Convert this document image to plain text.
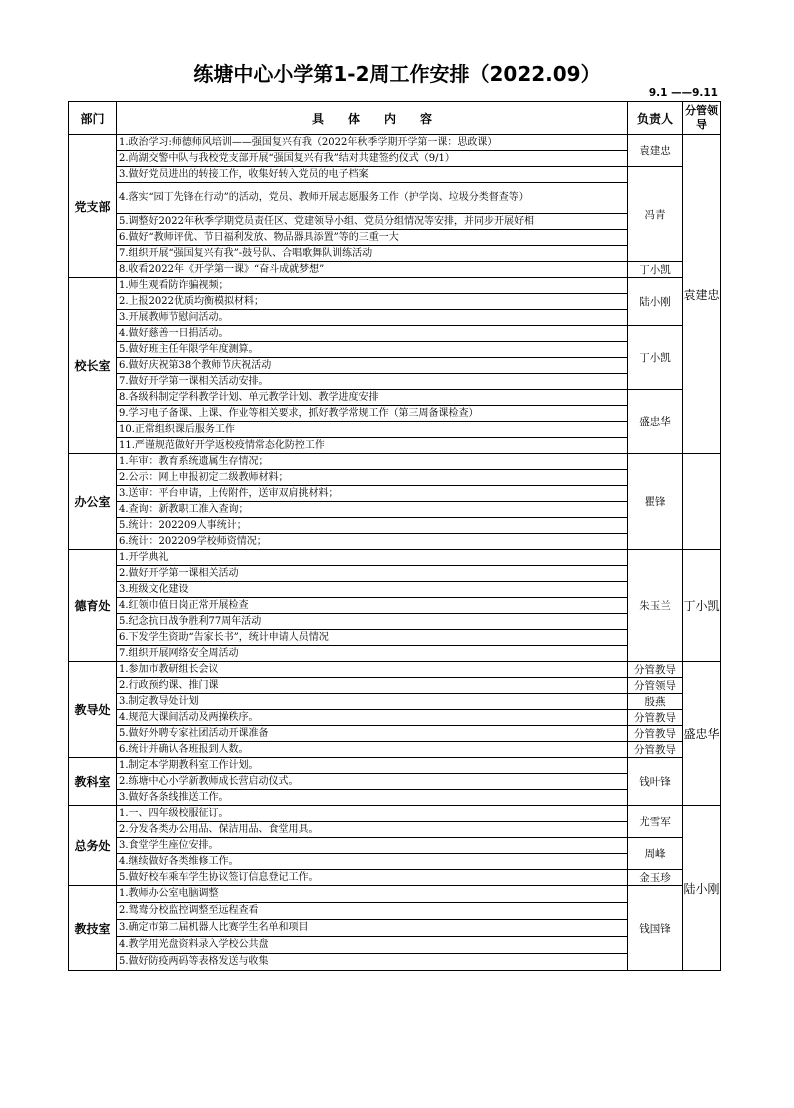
练塘中心小学第1-2周工作安排（2022.09）
9.1 ——9.11
部门	具　　体　　内　　容	负责人	分管领导
党支部	1.政治学习:师德师风培训——强国复兴有我（2022年秋季学期开学第一课：思政课）	袁建忠	袁建忠
	2.尚湖交警中队与我校党支部开展“强国复兴有我”结对共建签约仪式（9/1）		
	3.做好党员进出的转接工作，收集好转入党员的电子档案	冯青	
	4.落实“园丁先锋在行动”的活动，党员、教师开展志愿服务工作（护学岗、垃圾分类督查等）		
	5.调整好2022年秋季学期党员责任区、党建领导小组、党员分组情况等安排，并同步开展好相		
	6.做好“教师评优、节日福利发放、物品器具添置”等的三重一大		
	7.组织开展“强国复兴有我”-鼓号队、合唱歌舞队训练活动		
	8.收看2022年《开学第一课》“奋斗成就梦想”	丁小凯	
校长室	1.师生观看防诈骗视频；	陆小刚	
	2.上报2022优质均衡模拟材料；		
	3.开展教师节慰问活动。		
	4.做好慈善一日捐活动。	丁小凯	
	5.做好班主任年限学年度测算。		
	6.做好庆祝第38个教师节庆祝活动		
	7.做好开学第一课相关活动安排。		
	8.各级科制定学科教学计划、单元教学计划、教学进度安排	盛忠华	
	9.学习电子备课、上课、作业等相关要求，抓好教学常规工作（第三周备课检查）		
	10.正常组织课后服务工作		
	11.严谨规范做好开学返校疫情常态化防控工作		
办公室	1.年审：教育系统遗属生存情况；	瞿锋	
	2.公示：网上申报初定二级教师材料；		
	3.送审：平台申请，上传附件，送审双肩挑材料；		
	4.查询：新教职工准入查询；		
	5.统计：202209人事统计；		
	6.统计：202209学校师资情况；		
德育处	1.开学典礼	朱玉兰	丁小凯
	2.做好开学第一课相关活动		
	3.班级文化建设		
	4.红领巾值日岗正常开展检查		
	5.纪念抗日战争胜利77周年活动		
	6.下发学生资助“告家长书”，统计申请人员情况		
	7.组织开展网络安全周活动		
教导处	1.参加市教研组长会议	分管教导	盛忠华
	2.行政预约课、推门课	分管领导	
	3.制定教导处计划	殷燕	
	4.规范大课间活动及两操秩序。	分管教导	
	5.做好外聘专家社团活动开课准备	分管教导	
	6.统计并确认各班报到人数。	分管教导	
教科室	1.制定本学期教科室工作计划。	钱叶锋	
	2.练塘中心小学新教师成长营启动仪式。		
	3.做好各条线推送工作。		
总务处	1.一、四年级校服征订。	尤雪军	陆小刚
	2.分发各类办公用品、保洁用品、食堂用具。		
	3.食堂学生座位安排。	周峰	
	4.继续做好各类维修工作。		
	5.做好校车乘车学生协议签订信息登记工作。	金玉珍	
教技室	1.教师办公室电脑调整	钱国锋	
	2.鸳鸯分校监控调整至远程查看		
	3.确定市第二届机器人比赛学生名单和项目		
	4.教学用光盘资料录入学校公共盘		
	5.做好防疫两码等表格发送与收集		
